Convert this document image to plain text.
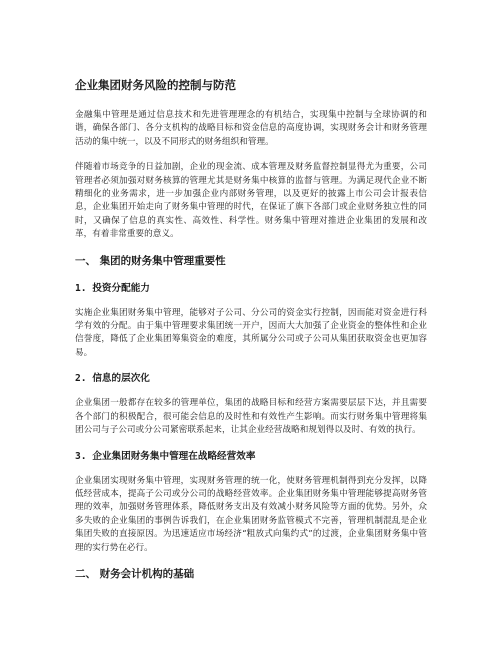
企业集团财务风险的控制与防范

金融集中管理是通过信息技术和先进管理理念的有机结合，实现集中控制与全球协调的和谐，确保各部门、各分支机构的战略目标和资金信息的高度协调，实现财务会计和财务管理活动的集中统一，以及不同形式的财务组织和管理。

伴随着市场竞争的日益加剧，企业的现金流、成本管理及财务监督控制显得尤为重要，公司管理者必须加强对财务核算的管理尤其是财务集中核算的监督与管理。为满足现代企业不断精细化的业务需求，进一步加强企业内部财务管理，以及更好的披露上市公司会计报表信息，企业集团开始走向了财务集中管理的时代，在保证了旗下各部门或企业财务独立性的同时，又确保了信息的真实性、高效性、科学性。财务集中管理对推进企业集团的发展和改革，有着非常重要的意义。

一、 集团的财务集中管理重要性
1. 投资分配能力

实施企业集团财务集中管理，能够对子公司、分公司的资金实行控制，因而能对资金进行科学有效的分配。由于集中管理要求集团统一开户，因而大大加强了企业资金的整体性和企业信誉度，降低了企业集团筹集资金的难度，其所属分公司或子公司从集团获取资金也更加容易。

2. 信息的层次化

企业集团一般都存在较多的管理单位，集团的战略目标和经营方案需要层层下达，并且需要各个部门的积极配合，很可能会信息的及时性和有效性产生影响。而实行财务集中管理将集团公司与子公司或分公司紧密联系起来，让其企业经营战略和规划得以及时、有效的执行。

3. 企业集团财务集中管理在战略经营效率

企业集团实现财务集中管理，实现财务管理的统一化，使财务管理机制得到充分发挥，以降低经营成本，提高子公司或分公司的战略经营效率。企业集团财务集中管理能够提高财务管理的效率，加强财务管理体系，降低财务支出及有效减小财务风险等方面的优势。另外，众多失败的企业集团的事例告诉我们，在企业集团财务监管模式不完善，管理机制混乱是企业集团失败的直接原因。为迅速适应市场经济“粗放式向集约式”的过渡，企业集团财务集中管理的实行势在必行。

二、 财务会计机构的基础
